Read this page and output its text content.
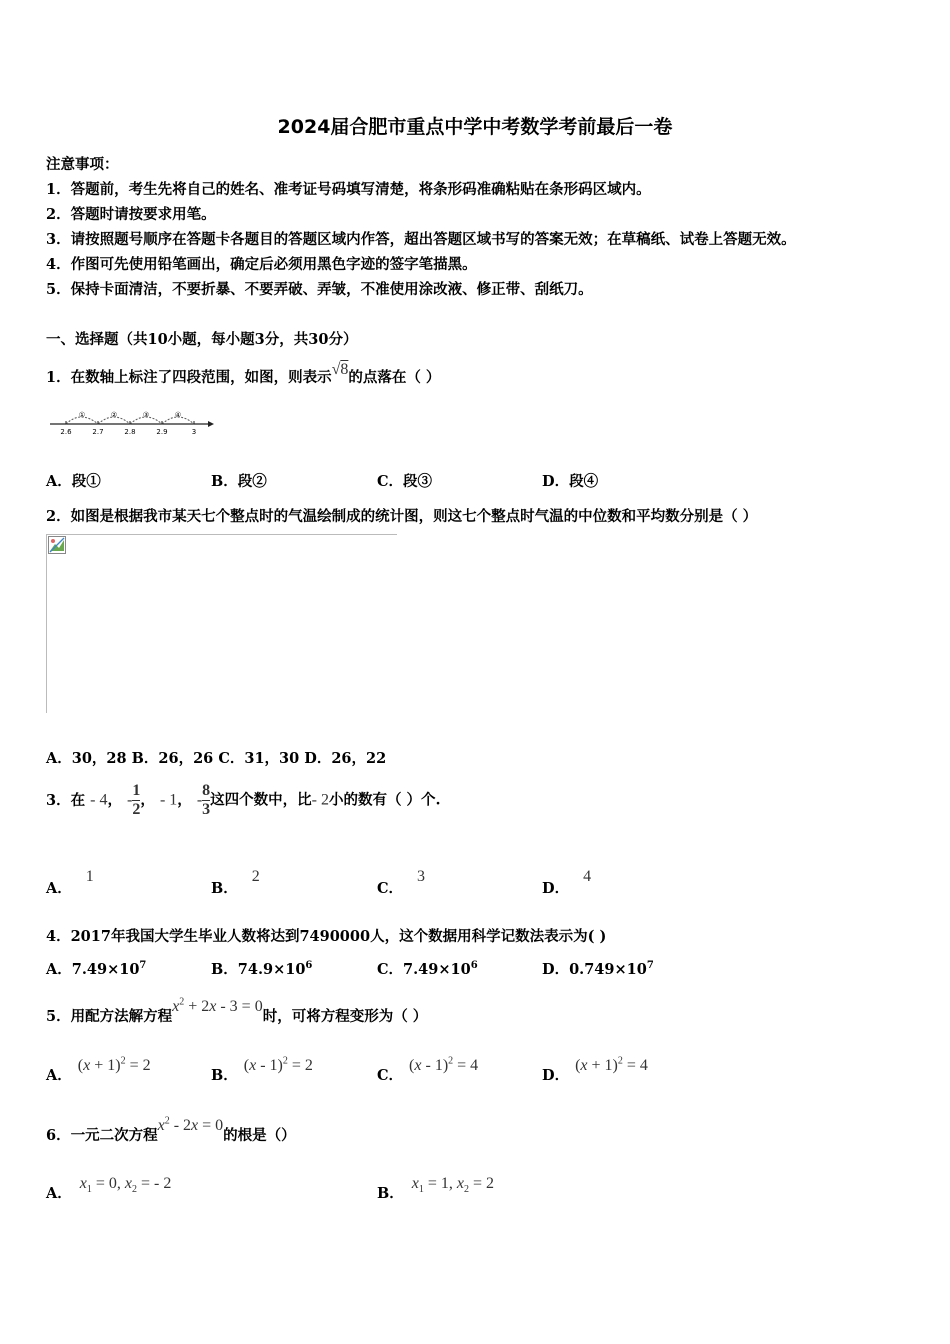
2024届合肥市重点中学中考数学考前最后一卷
注意事项：
1．答题前，考生先将自己的姓名、准考证号码填写清楚，将条形码准确粘贴在条形码区域内。
2．答题时请按要求用笔。
3．请按照题号顺序在答题卡各题目的答题区域内作答，超出答题区域书写的答案无效；在草稿纸、试卷上答题无效。
4．作图可先使用铅笔画出，确定后必须用黑色字迹的签字笔描黑。
5．保持卡面清洁，不要折暴、不要弄破、弄皱，不准使用涂改液、修正带、刮纸刀。
一、选择题（共10小题，每小题3分，共30分）
1．在数轴上标注了四段范围，如图，则表示√8的点落在（ ）
①	②	③	④
2.6	2.7	2.8	2.9	3
A．段①	B．段②	C．段③	D．段④
2．如图是根据我市某天七个整点时的气温绘制成的统计图，则这七个整点时气温的中位数和平均数分别是（ ）
A．30，28 B．26，26 C．31，30 D．26，22
3．在 - 4， - $\frac{1}{2}$ ， - 1， - $\frac{8}{3}$ 这四个数中，比- 2小的数有（ ）个.
A．1
B．2
C．3
D．4
4．2017年我国大学生毕业人数将达到7490000人，这个数据用科学记数法表示为( )
A．$7.49\times 10^7$	B．$74.9\times 10^6$	C．$7.49\times 10^6$	D．$0.749\times 10^7$
5．用配方法解方程$x^2 + 2x - 3 = 0$时，可将方程变形为（ ）
A．$(x + 1)^2 = 2$
B．(x - 1)$^2$ = 2
C．(x - 1)$^2$ = 4
D．$(x + 1)^2 = 4$
6．一元二次方程$x^2 - 2x = 0$的根是（）
A．$x_1 = 0$, $x_2$ = - 2
B．$x_1 = 1$, $x_2 = 2$
